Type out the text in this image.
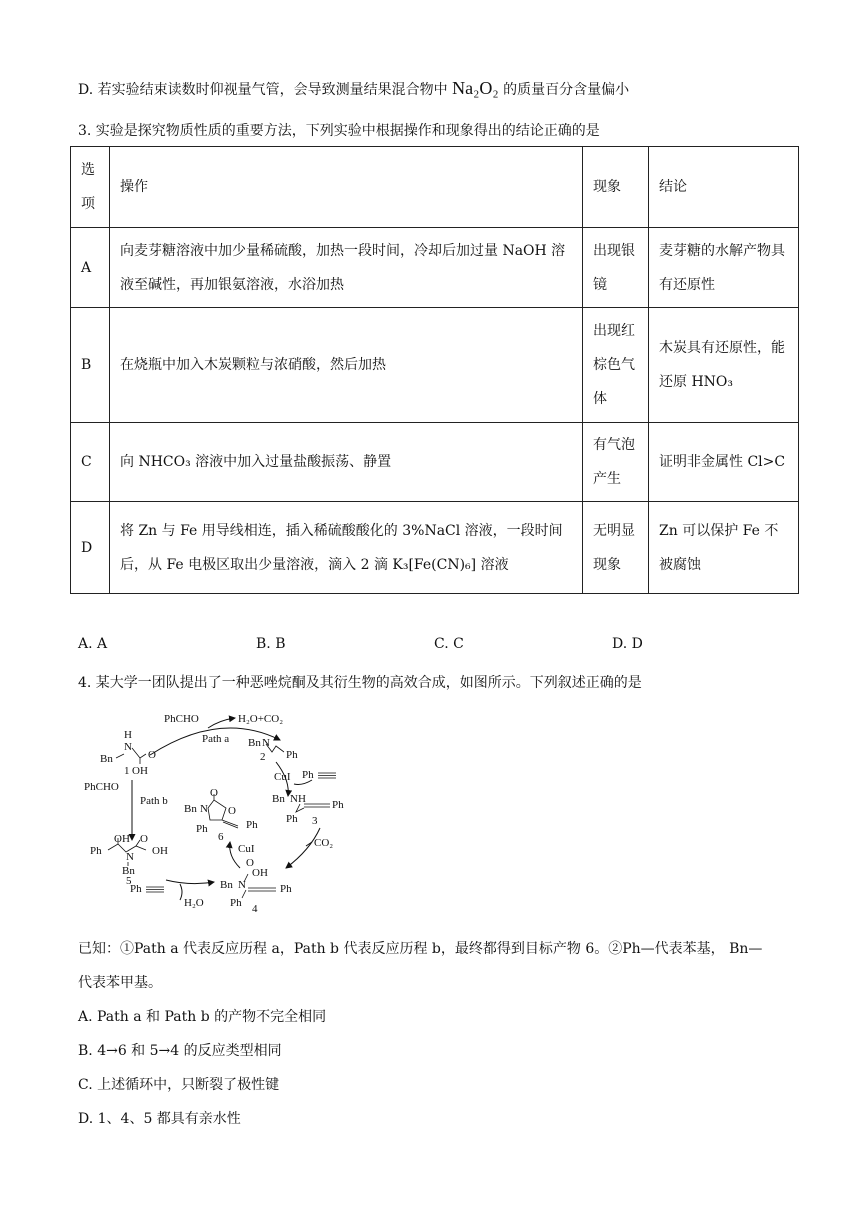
D. 若实验结束读数时仰视量气管，会导致测量结果混合物中 Na₂O₂ 的质量百分含量偏小
3. 实验是探究物质性质的重要方法，下列实验中根据操作和现象得出的结论正确的是
选项	操作	现象	结论
A	向麦芽糖溶液中加少量稀硫酸，加热一段时间，冷却后加过量 NaOH 溶液至碱性，再加银氨溶液，水浴加热	出现银镜	麦芽糖的水解产物具有还原性
B	在烧瓶中加入木炭颗粒与浓硝酸，然后加热	出现红棕色气体	木炭具有还原性，能还原 HNO₃
C	向 NHCO₃ 溶液中加入过量盐酸振荡、静置	有气泡产生	证明非金属性 Cl>C
D	将 Zn 与 Fe 用导线相连，插入稀硫酸酸化的 3%NaCl 溶液，一段时间后，从 Fe 电极区取出少量溶液，滴入 2 滴 K₃[Fe(CN)₆] 溶液	无明显现象	Zn 可以保护 Fe 不被腐蚀
A. A	B. B	C. C	D. D
4. 某大学一团队提出了一种恶唑烷酮及其衍生物的高效合成，如图所示。下列叙述正确的是
PhCHO	H₂O+CO₂
Path a
H
N
Bn	O
1 OH
Bn N
Ph
2
Ph
CuI
Bn NH Ph
Ph 3
PhCHO
Path b
O
Bn N O
Ph
6
Ph
CuI	CO₂
OH O
Ph N OH
Bn
5
Ph
H₂O
O
OH
Bn N	Ph
Ph 4
已知：①Path a 代表反应历程 a，Path b 代表反应历程 b，最终都得到目标产物 6。②Ph—代表苯基， Bn—
代表苯甲基。
A. Path a 和 Path b 的产物不完全相同
B. 4→6 和 5→4 的反应类型相同
C. 上述循环中，只断裂了极性键
D. 1、4、5 都具有亲水性
